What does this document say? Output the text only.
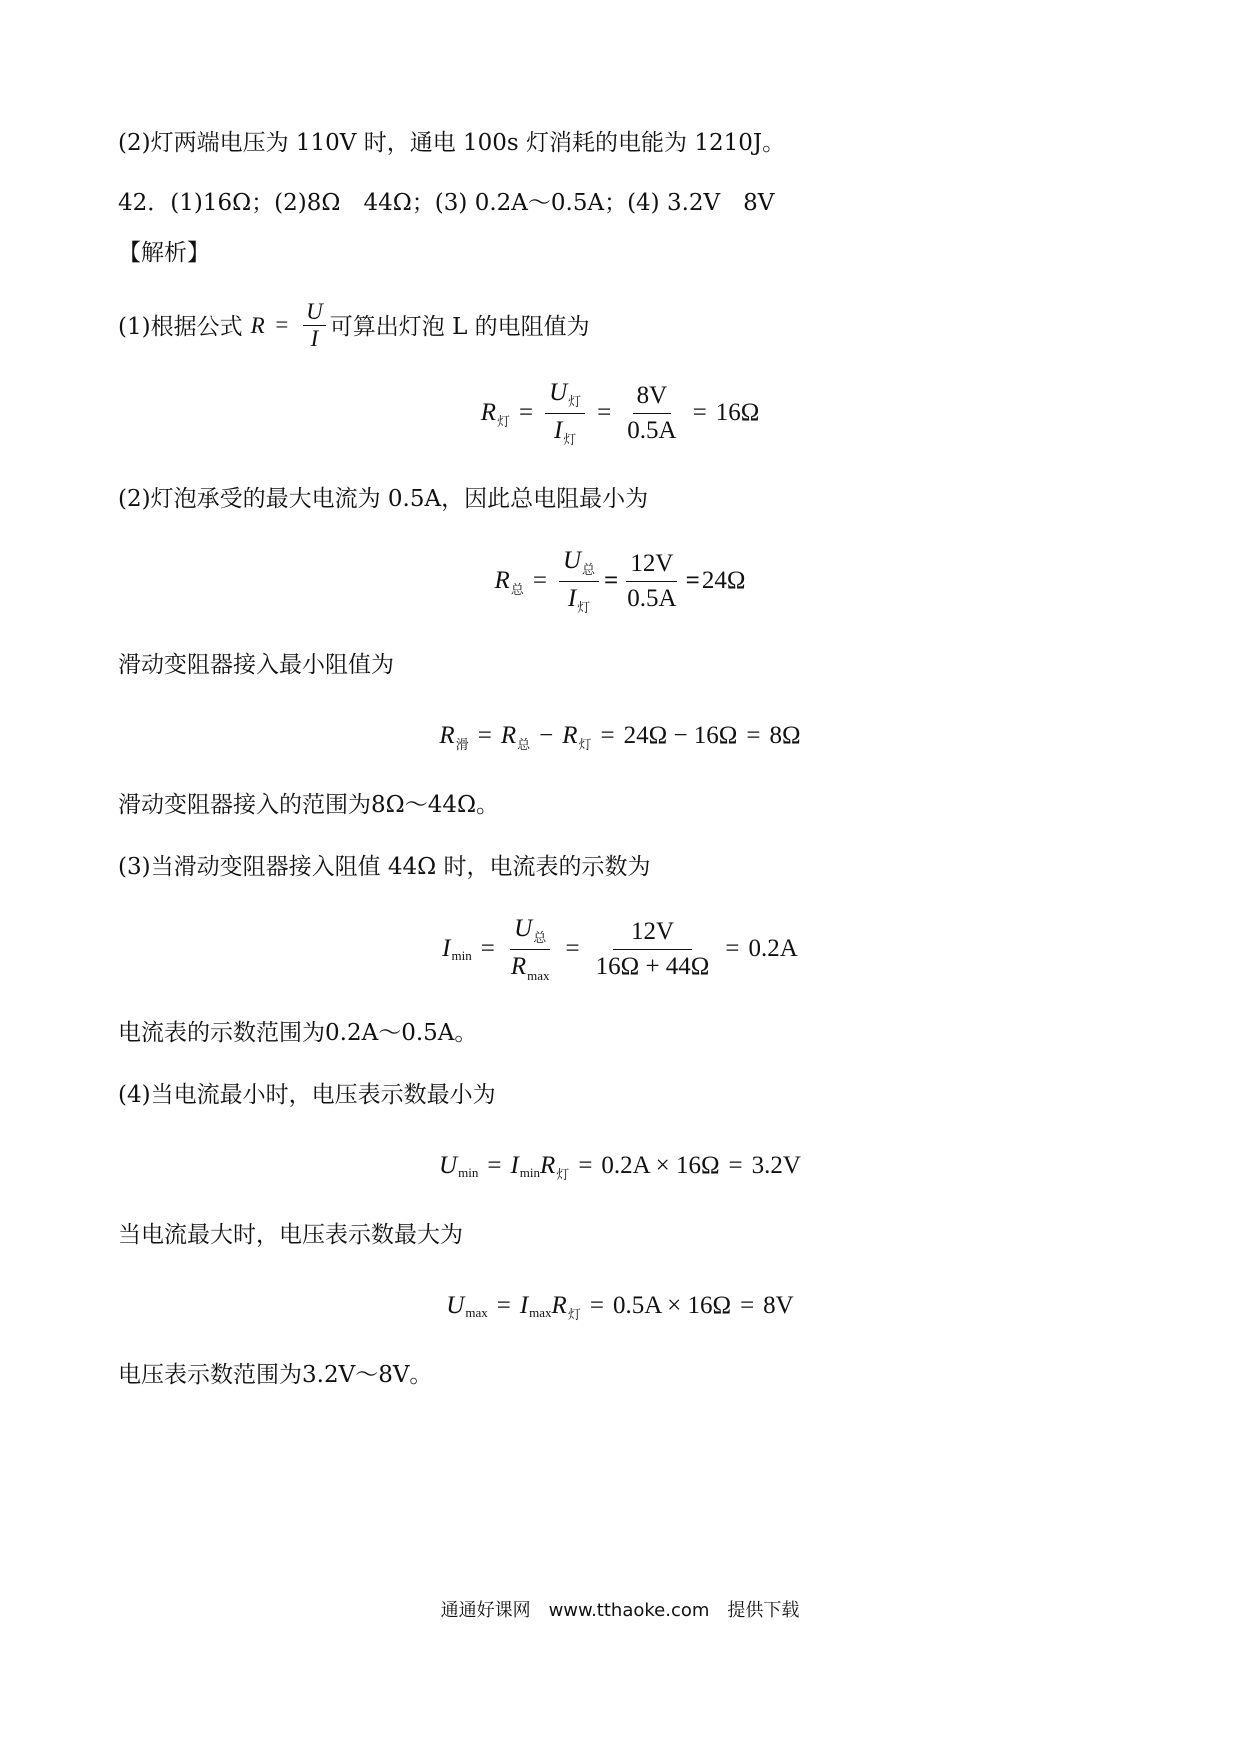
(2)灯两端电压为 110V 时，通电 100s 灯消耗的电能为 1210J。
42．(1)16Ω；(2)8Ω　44Ω；(3) 0.2A～0.5A；(4) 3.2V　8V
【解析】
(1)根据公式 $R = \frac{U}{I}$ 可算出灯泡 L 的电阻值为
R 灯 = $\frac{U_灯}{I_灯} = \frac{8V}{0.5A} = 16\Omega$
(2)灯泡承受的最大电流为 0.5A，因此总电阻最小为
R 总 = $\frac{U_总}{I_灯} = \frac{12V}{0.5A} = 24\Omega$
滑动变阻器接入最小阻值为
R 滑 = R 总 − R 灯 = 24Ω − 16Ω = 8Ω
滑动变阻器接入的范围为8Ω～44Ω。
(3)当滑动变阻器接入阻值 44Ω 时，电流表的示数为
I $\min = \frac{U_总}{R_{max}} = \frac{12V}{16\Omega + 44\Omega} = 0.2A$
电流表的示数范围为0.2A～0.5A。
(4)当电流最小时，电压表示数最小为
U min = I min R 灯 = 0.2A × 16Ω = 3.2V
当电流最大时，电压表示数最大为
U max = I max R 灯 = 0.5A × 16Ω = 8V
电压表示数范围为3.2V～8V。
通通好课网　www.tthaoke.com　提供下载
